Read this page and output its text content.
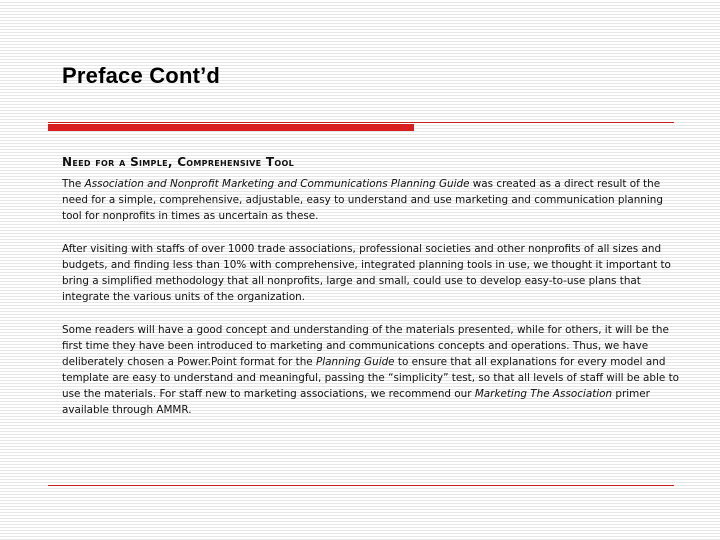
Preface Cont’d
Need for a Simple, Comprehensive Tool

The Association and Nonprofit Marketing and Communications Planning Guide was created as a direct result of the need for a simple, comprehensive, adjustable, easy to understand and use marketing and communication planning tool for nonprofits in times as uncertain as these.

After visiting with staffs of over 1000 trade associations, professional societies and other nonprofits of all sizes and budgets, and finding less than 10% with comprehensive, integrated planning tools in use, we thought it important to bring a simplified methodology that all nonprofits, large and small, could use to develop easy-to-use plans that integrate the various units of the organization.

Some readers will have a good concept and understanding of the materials presented, while for others, it will be the first time they have been introduced to marketing and communications concepts and operations. Thus, we have deliberately chosen a Power.Point format for the Planning Guide to ensure that all explanations for every model and template are easy to understand and meaningful, passing the “simplicity” test, so that all levels of staff will be able to use the materials. For staff new to marketing associations, we recommend our Marketing The Association primer available through AMMR.
